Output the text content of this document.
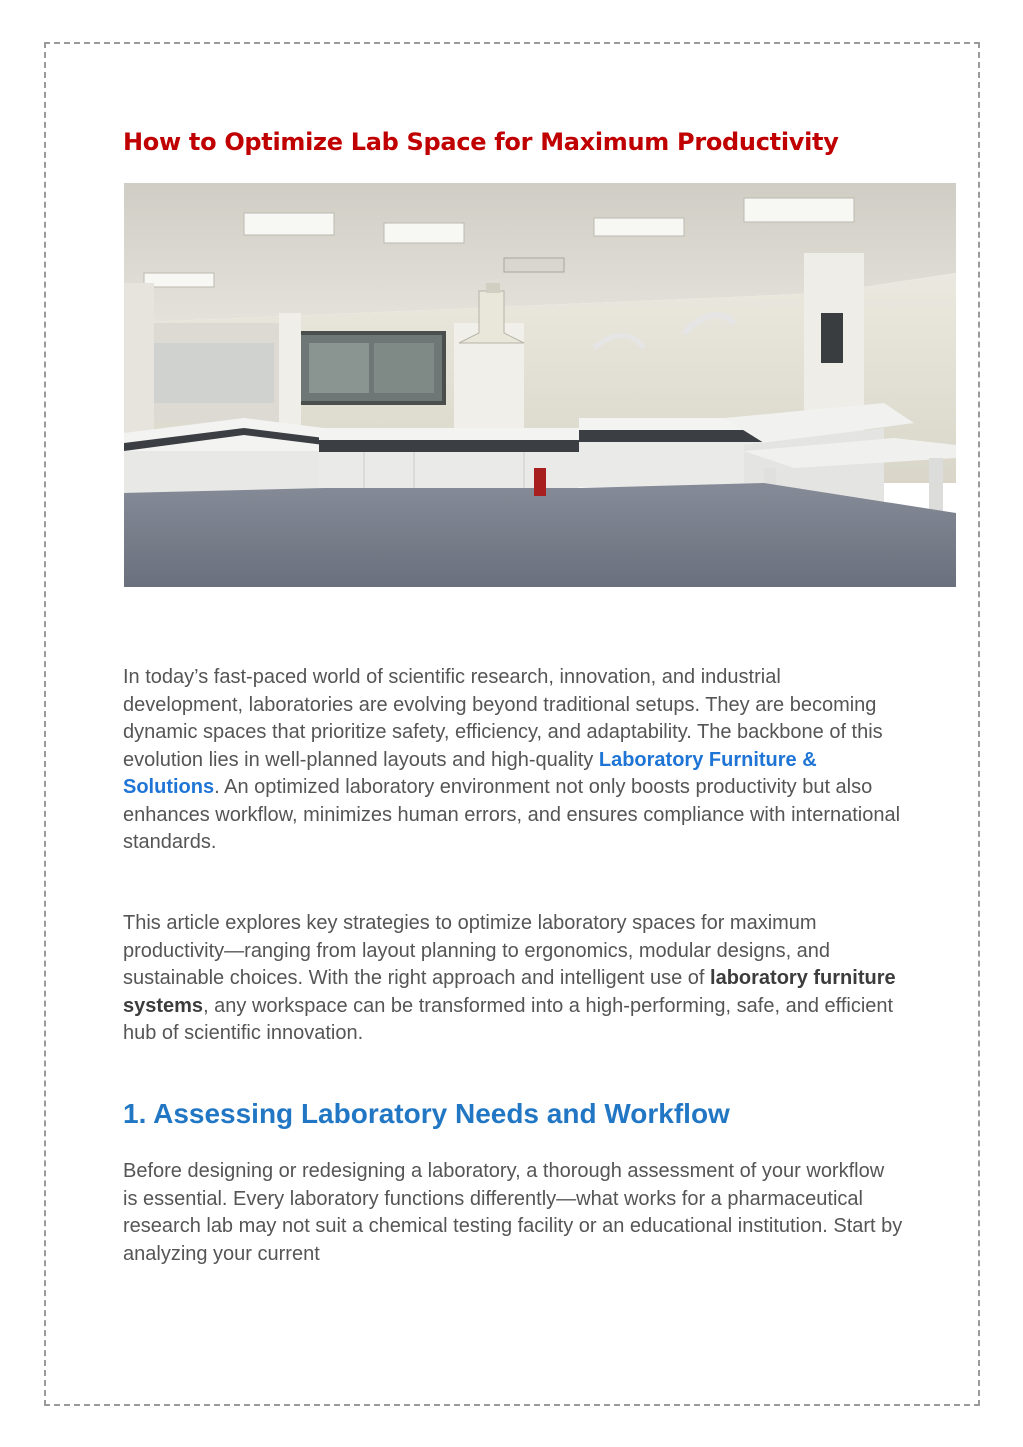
How to Optimize Lab Space for Maximum Productivity

In today’s fast-paced world of scientific research, innovation, and industrial development, laboratories are evolving beyond traditional setups. They are becoming dynamic spaces that prioritize safety, efficiency, and adaptability. The backbone of this evolution lies in well-planned layouts and high-quality Laboratory Furniture & Solutions. An optimized laboratory environment not only boosts productivity but also enhances workflow, minimizes human errors, and ensures compliance with international standards.

This article explores key strategies to optimize laboratory spaces for maximum productivity—ranging from layout planning to ergonomics, modular designs, and sustainable choices. With the right approach and intelligent use of laboratory furniture systems, any workspace can be transformed into a high-performing, safe, and efficient hub of scientific innovation.

1. Assessing Laboratory Needs and Workflow

Before designing or redesigning a laboratory, a thorough assessment of your workflow is essential. Every laboratory functions differently—what works for a pharmaceutical research lab may not suit a chemical testing facility or an educational institution. Start by analyzing your current
